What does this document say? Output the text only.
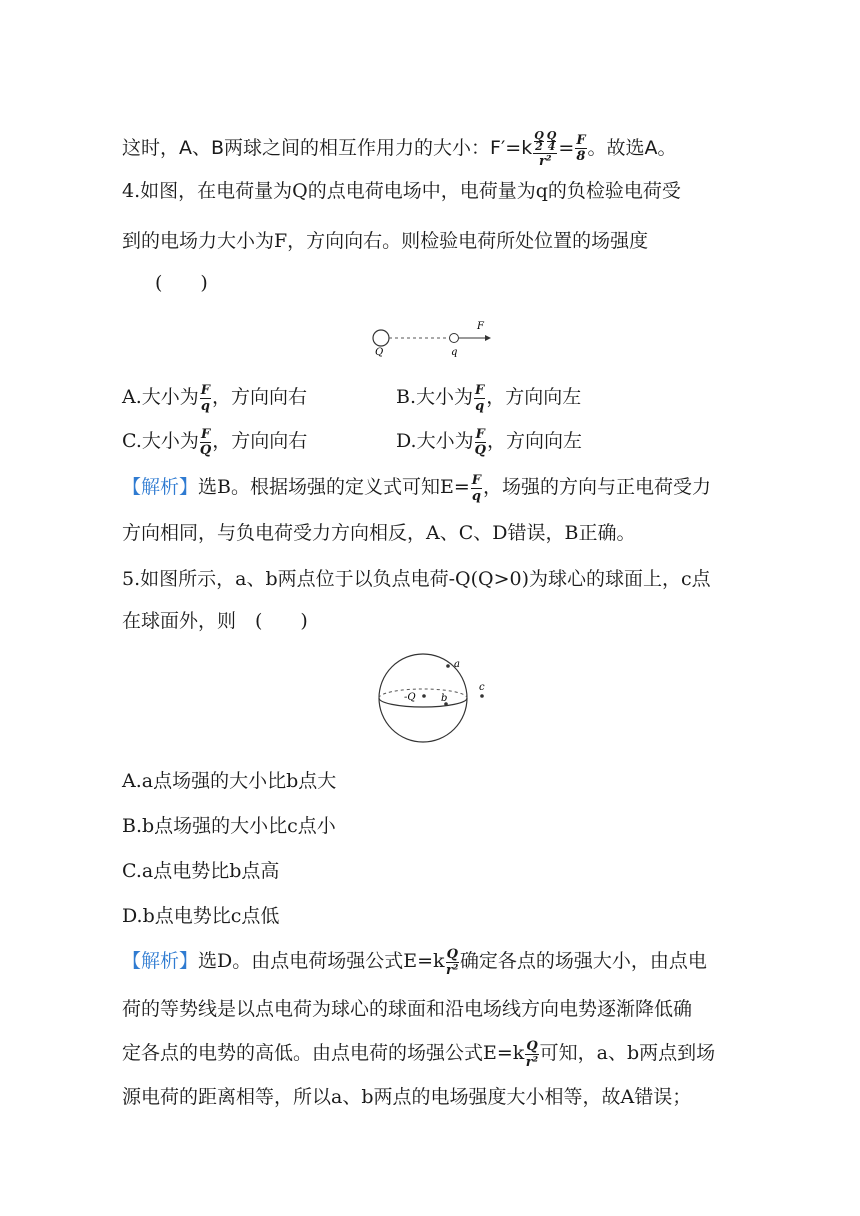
这时，A、B两球之间的相互作用力的大小：$F'=k \frac{\frac{Q}{2} \frac{Q}{4}}{\text{r²}} = \frac{F}{8}$ 。故选A。
4.如图，在电荷量为Q的点电荷电场中，电荷量为q的负检验电荷受
到的电场力大小为F，方向向右。则检验电荷所处位置的场强度
(　　)
Q	q
F
A.大小为 $\frac{F}{q}$ ，方向向右	B.大小为 $\frac{F}{q}$ ，方向向左
C.大小为 $\frac{F}{Q}$ ，方向向右	D.大小为 $\frac{F}{Q}$ ，方向向左
【解析】选B。根据场强的定义式可知$E= \frac{F}{q}$ ，场强的方向与正电荷受力
方向相同，与负电荷受力方向相反，A、C、D错误，B正确。
5.如图所示，a、b两点位于以负点电荷-Q(Q>0)为球心的球面上，c点
在球面外，则　(　　)
-Q
a
b
c
A.a点场强的大小比b点大
B.b点场强的大小比c点小
C.a点电势比b点高
D.b点电势比c点低
【解析】选D。由点电荷场强公式$E=k \frac{Q}{\text{r²}}$ 确定各点的场强大小，由点电
荷的等势线是以点电荷为球心的球面和沿电场线方向电势逐渐降低确
定各点的电势的高低。由点电荷的场强公式$E=k \frac{Q}{\text{r²}}$ 可知，a、b两点到场
源电荷的距离相等，所以a、b两点的电场强度大小相等，故A错误；
